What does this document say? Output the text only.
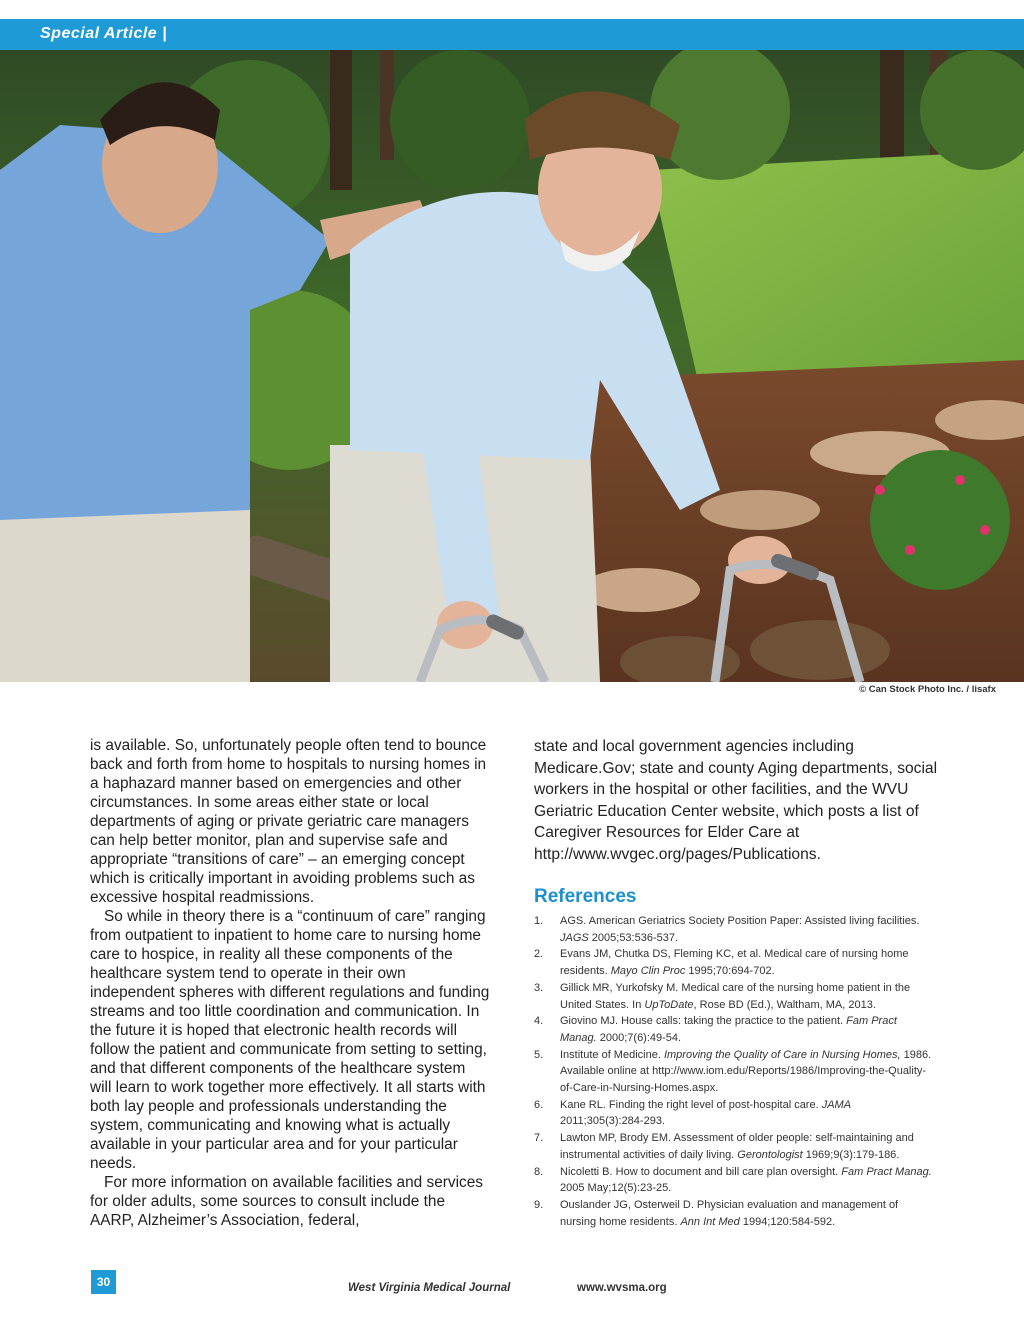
Special Article |
© Can Stock Photo Inc. / lisafx

is available. So, unfortunately people often tend to bounce back and forth from home to hospitals to nursing homes in a haphazard manner based on emergencies and other circumstances. In some areas either state or local departments of aging or private geriatric care managers can help better monitor, plan and supervise safe and appropriate “transitions of care” – an emerging concept which is critically important in avoiding problems such as excessive hospital readmissions.

So while in theory there is a “continuum of care” ranging from outpatient to inpatient to home care to nursing home care to hospice, in reality all these components of the healthcare system tend to operate in their own independent spheres with different regulations and funding streams and too little coordination and communication. In the future it is hoped that electronic health records will follow the patient and communicate from setting to setting, and that different components of the healthcare system will learn to work together more effectively. It all starts with both lay people and professionals understanding the system, communicating and knowing what is actually available in your particular area and for your particular needs.

For more information on available facilities and services for older adults, some sources to consult include the AARP, Alzheimer’s Association, federal,

state and local government agencies including Medicare.Gov; state and county Aging departments, social workers in the hospital or other facilities, and the WVU Geriatric Education Center website, which posts a list of Caregiver Resources for Elder Care at http://www.wvgec.org/pages/Publications.

References
1. AGS. American Geriatrics Society Position Paper: Assisted living facilities. JAGS 2005;53:536-537.
2. Evans JM, Chutka DS, Fleming KC, et al. Medical care of nursing home residents. Mayo Clin Proc 1995;70:694-702.
3. Gillick MR, Yurkofsky M. Medical care of the nursing home patient in the United States. In UpToDate, Rose BD (Ed.), Waltham, MA, 2013.
4. Giovino MJ. House calls: taking the practice to the patient. Fam Pract Manag. 2000;7(6):49-54.
5. Institute of Medicine. Improving the Quality of Care in Nursing Homes, 1986. Available online at http://www.iom.edu/Reports/1986/Improving-the-Quality-of-Care-in-Nursing-Homes.aspx.
6. Kane RL. Finding the right level of post-hospital care. JAMA 2011;305(3):284-293.
7. Lawton MP, Brody EM. Assessment of older people: self-maintaining and instrumental activities of daily living. Gerontologist 1969;9(3):179-186.
8. Nicoletti B. How to document and bill care plan oversight. Fam Pract Manag. 2005 May;12(5):23-25.
9. Ouslander JG, Osterweil D. Physician evaluation and management of nursing home residents. Ann Int Med 1994;120:584-592.
30	West Virginia Medical Journal	www.wvsma.org
